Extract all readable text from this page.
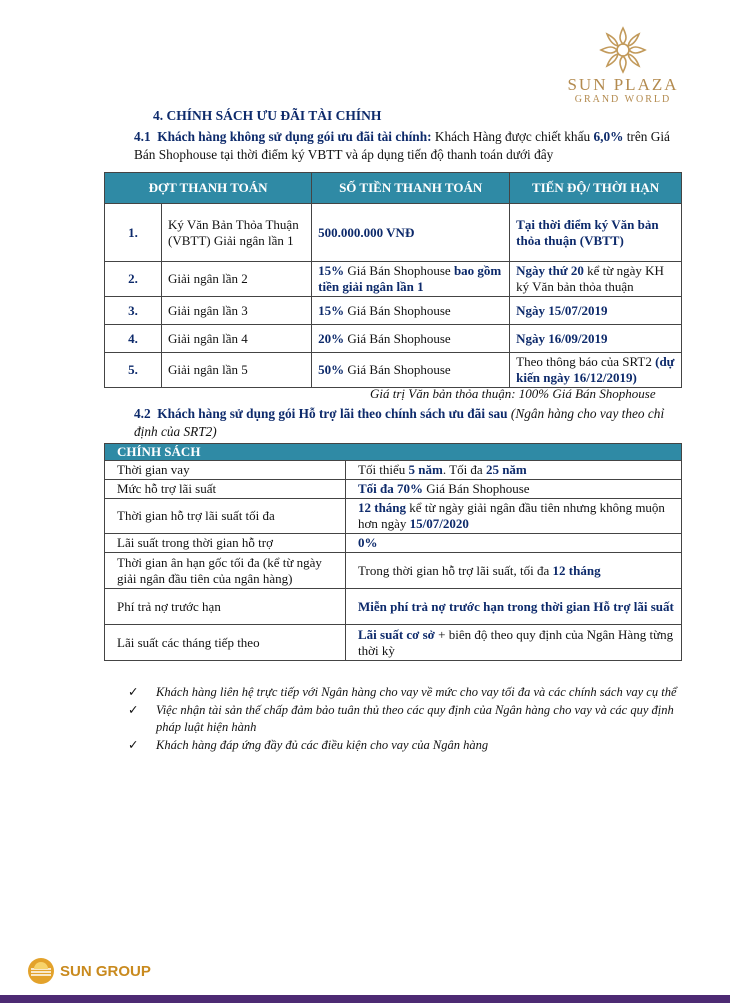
SUN PLAZA
GRAND WORLD
4. CHÍNH SÁCH ƯU ĐÃI TÀI CHÍNH
4.1 Khách hàng không sử dụng gói ưu đãi tài chính: Khách Hàng được chiết khấu 6,0% trên Giá Bán Shophouse tại thời điểm ký VBTT và áp dụng tiến độ thanh toán dưới đây
ĐỢT THANH TOÁN		SỐ TIỀN THANH TOÁN	TIẾN ĐỘ/ THỜI HẠN
1.	Ký Văn Bản Thỏa Thuận (VBTT) Giải ngân lần 1	500.000.000 VNĐ	Tại thời điểm ký Văn bản thỏa thuận (VBTT)
2.	Giải ngân lần 2	15% Giá Bán Shophouse bao gồm tiền giải ngân lần 1	Ngày thứ 20 kể từ ngày KH ký Văn bản thỏa thuận
3.	Giải ngân lần 3	15% Giá Bán Shophouse	Ngày 15/07/2019
4.	Giải ngân lần 4	20% Giá Bán Shophouse	Ngày 16/09/2019
5.	Giải ngân lần 5	50% Giá Bán Shophouse	Theo thông báo của SRT2 (dự kiến ngày 16/12/2019)
Giá trị Văn bản thỏa thuận: 100% Giá Bán Shophouse
4.2 Khách hàng sử dụng gói Hỗ trợ lãi theo chính sách ưu đãi sau (Ngân hàng cho vay theo chỉ định của SRT2)
CHÍNH SÁCH	
Thời gian vay	Tối thiểu 5 năm. Tối đa 25 năm
Mức hỗ trợ lãi suất	Tối đa 70% Giá Bán Shophouse
Thời gian hỗ trợ lãi suất tối đa	12 tháng kể từ ngày giải ngân đầu tiên nhưng không muộn hơn ngày 15/07/2020
Lãi suất trong thời gian hỗ trợ	0%
Thời gian ân hạn gốc tối đa (kể từ ngày giải ngân đầu tiên của ngân hàng)	Trong thời gian hỗ trợ lãi suất, tối đa 12 tháng
Phí trả nợ trước hạn	Miễn phí trả nợ trước hạn trong thời gian Hỗ trợ lãi suất
Lãi suất các tháng tiếp theo	Lãi suất cơ sở + biên độ theo quy định của Ngân Hàng từng thời kỳ
✓	Khách hàng liên hệ trực tiếp với Ngân hàng cho vay về mức cho vay tối đa và các chính sách vay cụ thể
✓	Việc nhận tài sản thế chấp đảm bảo tuân thủ theo các quy định của Ngân hàng cho vay và các quy định pháp luật hiện hành
✓	Khách hàng đáp ứng đầy đủ các điều kiện cho vay của Ngân hàng
SUN GROUP
